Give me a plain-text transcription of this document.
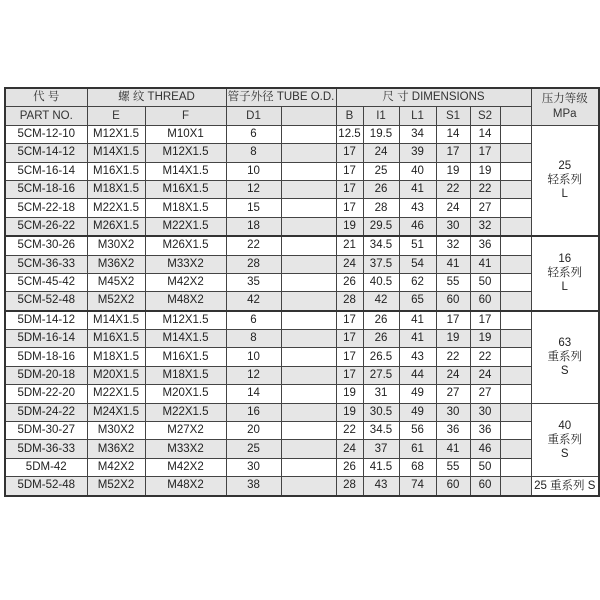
代 号	螺 纹 THREAD		管子外径 TUBE O.D.		尺 寸 DIMENSIONS						压力等级
MPa
PART NO.	E	F	D1		B	I1	L1	S1	S2		
5CM-12-10	M12X1.5	M10X1	6		12.5	19.5	34	14	14		25
轻系列
L
5CM-14-12	M14X1.5	M12X1.5	8		17	24	39	17	17		
5CM-16-14	M16X1.5	M14X1.5	10		17	25	40	19	19		
5CM-18-16	M18X1.5	M16X1.5	12		17	26	41	22	22		
5CM-22-18	M22X1.5	M18X1.5	15		17	28	43	24	27		
5CM-26-22	M26X1.5	M22X1.5	18		19	29.5	46	30	32		
5CM-30-26	M30X2	M26X1.5	22		21	34.5	51	32	36		16
轻系列
L
5CM-36-33	M36X2	M33X2	28		24	37.5	54	41	41		
5CM-45-42	M45X2	M42X2	35		26	40.5	62	55	50		
5CM-52-48	M52X2	M48X2	42		28	42	65	60	60		
5DM-14-12	M14X1.5	M12X1.5	6		17	26	41	17	17		63
重系列
S
5DM-16-14	M16X1.5	M14X1.5	8		17	26	41	19	19		
5DM-18-16	M18X1.5	M16X1.5	10		17	26.5	43	22	22		
5DM-20-18	M20X1.5	M18X1.5	12		17	27.5	44	24	24		
5DM-22-20	M22X1.5	M20X1.5	14		19	31	49	27	27		
5DM-24-22	M24X1.5	M22X1.5	16		19	30.5	49	30	30		40
重系列
S
5DM-30-27	M30X2	M27X2	20		22	34.5	56	36	36		
5DM-36-33	M36X2	M33X2	25		24	37	61	41	46		
5DM-42	M42X2	M42X2	30		26	41.5	68	55	50		
5DM-52-48	M52X2	M48X2	38		28	43	74	60	60		25 重系列 S
